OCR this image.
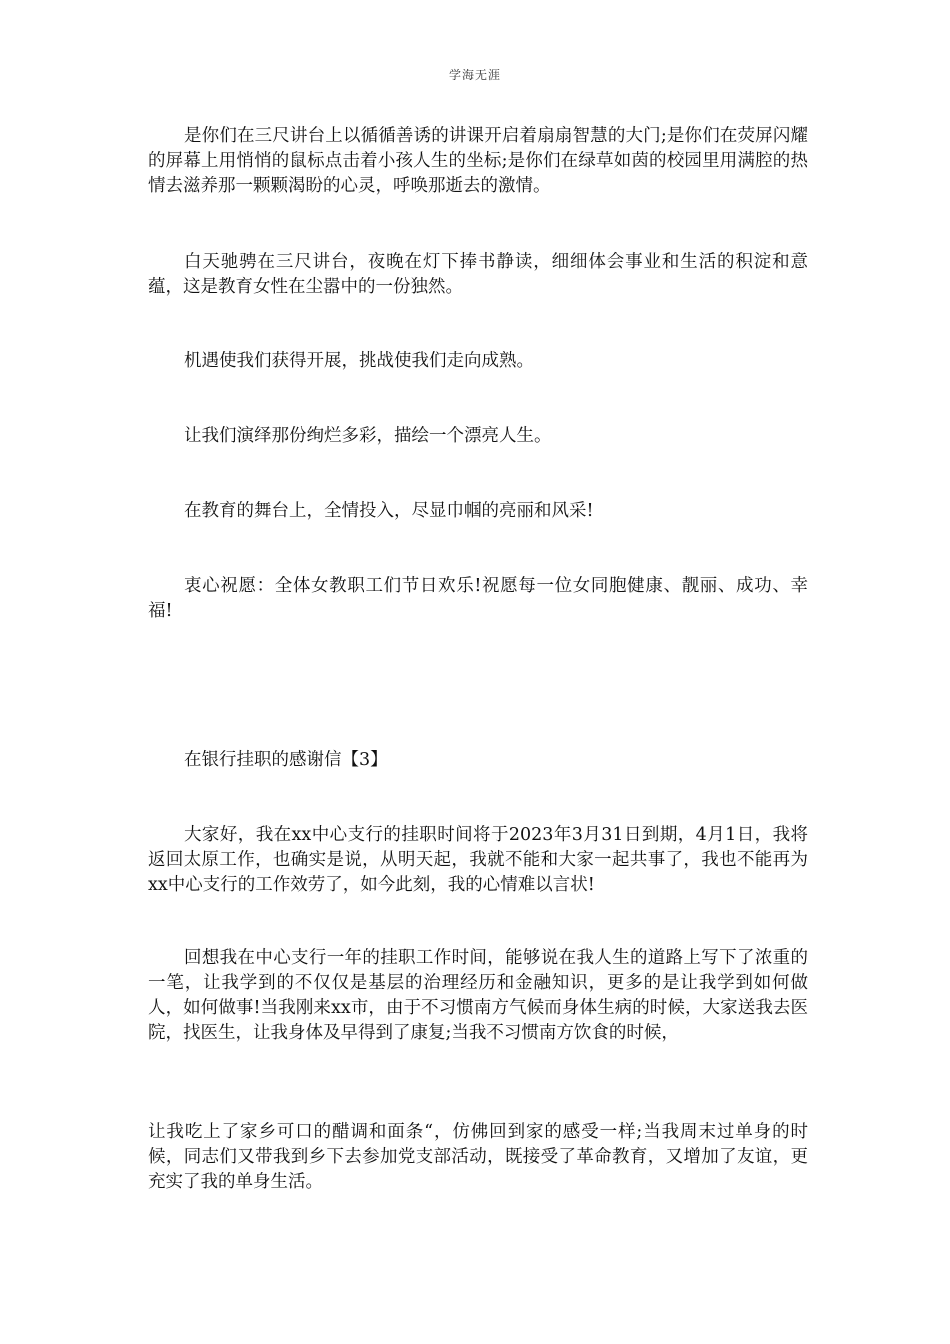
学海无涯

是你们在三尺讲台上以循循善诱的讲课开启着扇扇智慧的大门;是你们在荧屏闪耀的屏幕上用悄悄的鼠标点击着小孩人生的坐标;是你们在绿草如茵的校园里用满腔的热情去滋养那一颗颗渴盼的心灵，呼唤那逝去的激情。

白天驰骋在三尺讲台，夜晚在灯下捧书静读，细细体会事业和生活的积淀和意蕴，这是教育女性在尘嚣中的一份独然。

机遇使我们获得开展，挑战使我们走向成熟。

让我们演绎那份绚烂多彩，描绘一个漂亮人生。

在教育的舞台上，全情投入，尽显巾帼的亮丽和风采!

衷心祝愿：全体女教职工们节日欢乐!祝愿每一位女同胞健康、靓丽、成功、幸福!

在银行挂职的感谢信【3】

大家好，我在xx中心支行的挂职时间将于2023年3月31日到期，4月1日，我将返回太原工作，也确实是说，从明天起，我就不能和大家一起共事了，我也不能再为xx中心支行的工作效劳了，如今此刻，我的心情难以言状!

回想我在中心支行一年的挂职工作时间，能够说在我人生的道路上写下了浓重的一笔，让我学到的不仅仅是基层的治理经历和金融知识，更多的是让我学到如何做人，如何做事!当我刚来xx市，由于不习惯南方气候而身体生病的时候，大家送我去医院，找医生，让我身体及早得到了康复;当我不习惯南方饮食的时候，

让我吃上了家乡可口的醋调和面条“，仿佛回到家的感受一样;当我周末过单身的时候，同志们又带我到乡下去参加党支部活动，既接受了革命教育，又增加了友谊，更充实了我的单身生活。
